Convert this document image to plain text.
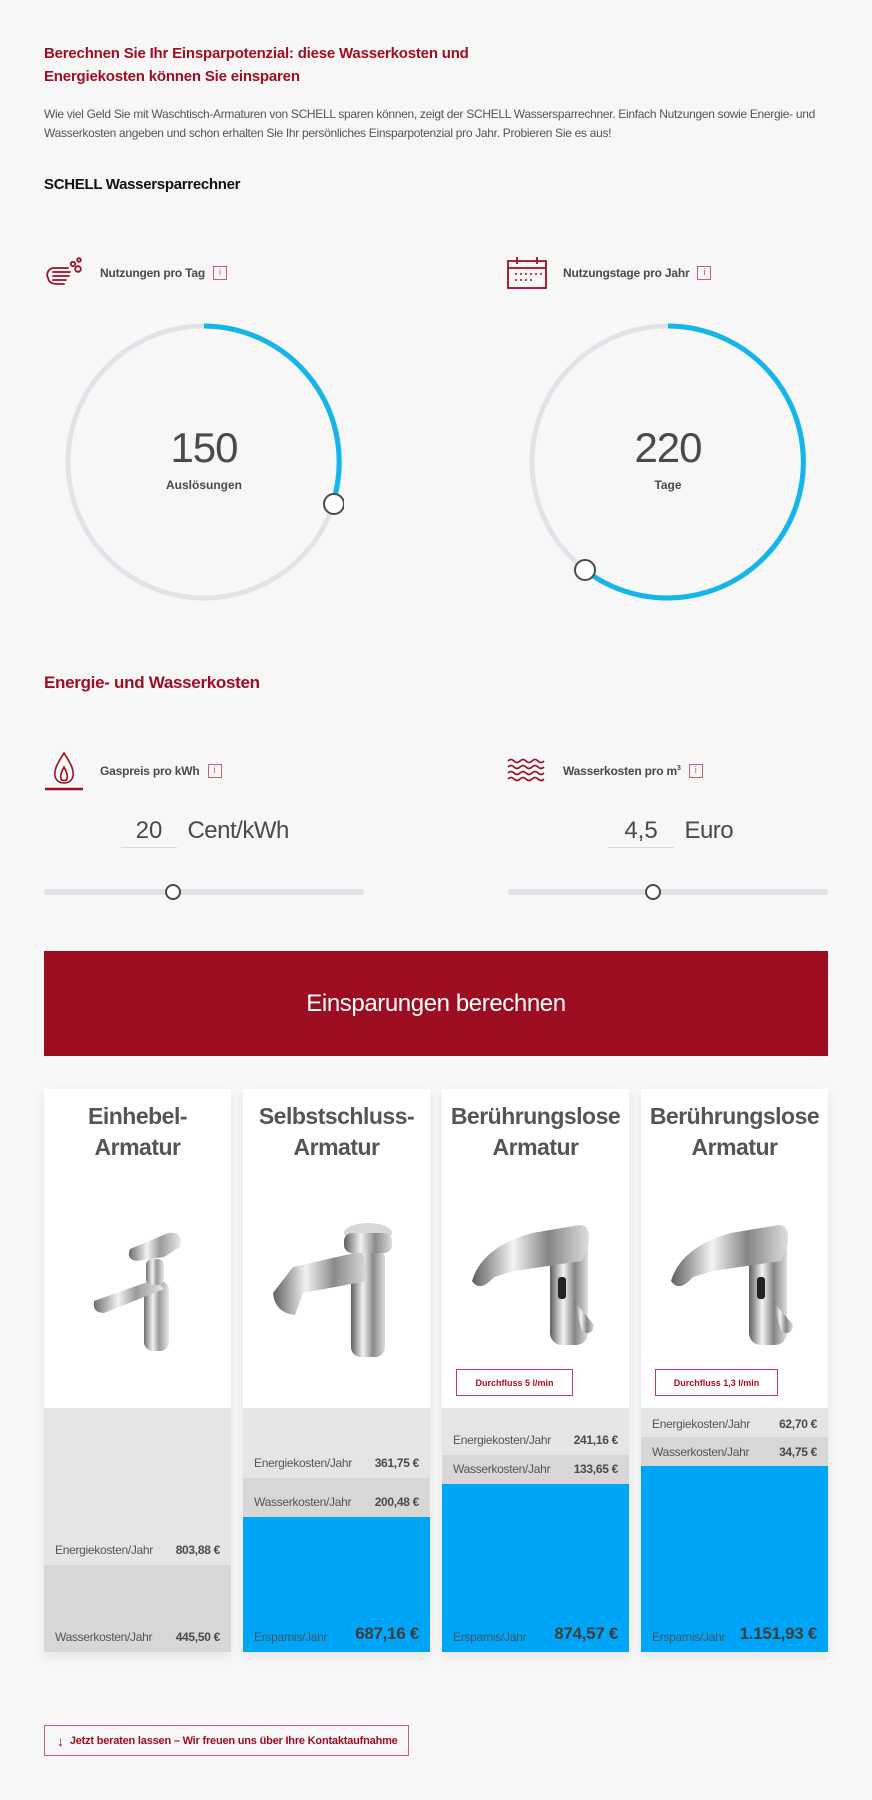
Berechnen Sie Ihr Einsparpotenzial: diese Wasserkosten und Energiekosten können Sie einsparen
Wie viel Geld Sie mit Waschtisch-Armaturen von SCHELL sparen können, zeigt der SCHELL Wassersparrechner. Einfach Nutzungen sowie Energie- und Wasserkosten angeben und schon erhalten Sie Ihr persönliches Einsparpotenzial pro Jahr. Probieren Sie es aus!
SCHELL Wassersparrechner
Nutzungen pro Tag	i	Nutzungstage pro Jahr	i
150
Auslösungen
220
Tage
Energie- und Wasserkosten
Gaspreis pro kWh	i	Wasserkosten pro $m^3$	i
20 Cent/kWh
4,5	Euro
Einsparungen berechnen
Einhebel-
Armatur
Energiekosten/Jahr 803,88 €
Wasserkosten/Jahr 445,50 €
Selbstschluss-
Armatur
Energiekosten/Jahr 361,75 €
Wasserkosten/Jahr 200,48 €
Ersparnis/Jahr 687,16 €
Berührungslose
Armatur
Durchfluss 5 l/min
Energiekosten/Jahr 241,16 €
Wasserkosten/Jahr 133,65 €
Ersparnis/Jahr 874,57 €
Berührungslose
Armatur
Durchfluss 1,3 l/min
Energiekosten/Jahr 62,70 €
Wasserkosten/Jahr 34,75 €
Ersparnis/Jahr 1.151,93 €
↓ Jetzt beraten lassen – Wir freuen uns über Ihre Kontaktaufnahme
